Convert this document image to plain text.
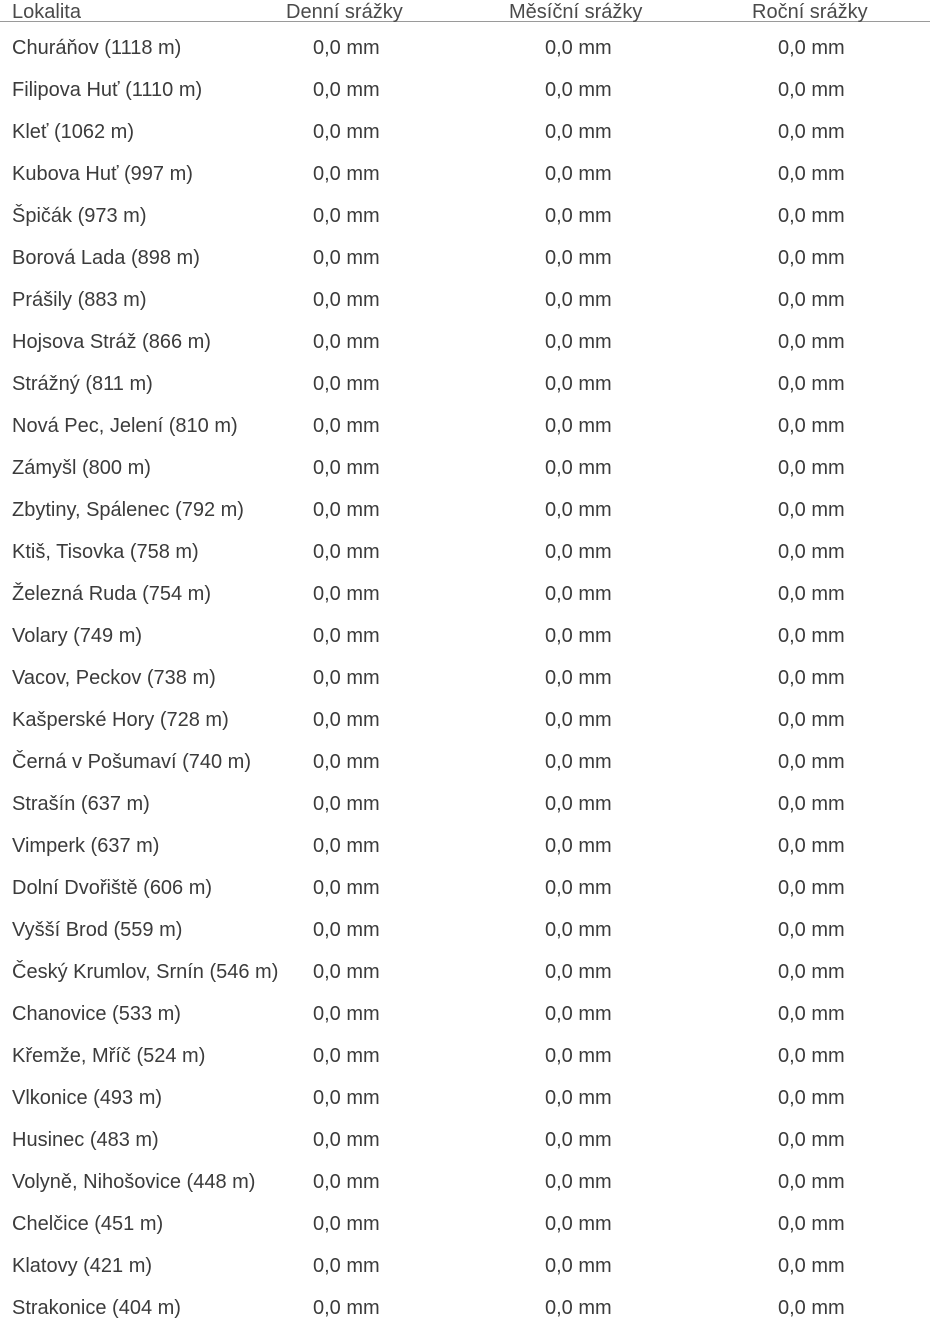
Lokalita	Denní srážky	Měsíční srážky	Roční srážky
Churáňov (1118 m)	0,0 mm	0,0 mm	0,0 mm
Filipova Huť (1110 m)	0,0 mm	0,0 mm	0,0 mm
Kleť (1062 m)	0,0 mm	0,0 mm	0,0 mm
Kubova Huť (997 m)	0,0 mm	0,0 mm	0,0 mm
Špičák (973 m)	0,0 mm	0,0 mm	0,0 mm
Borová Lada (898 m)	0,0 mm	0,0 mm	0,0 mm
Prášily (883 m)	0,0 mm	0,0 mm	0,0 mm
Hojsova Stráž (866 m)	0,0 mm	0,0 mm	0,0 mm
Strážný (811 m)	0,0 mm	0,0 mm	0,0 mm
Nová Pec, Jelení (810 m)	0,0 mm	0,0 mm	0,0 mm
Zámyšl (800 m)	0,0 mm	0,0 mm	0,0 mm
Zbytiny, Spálenec (792 m)	0,0 mm	0,0 mm	0,0 mm
Ktiš, Tisovka (758 m)	0,0 mm	0,0 mm	0,0 mm
Železná Ruda (754 m)	0,0 mm	0,0 mm	0,0 mm
Volary (749 m)	0,0 mm	0,0 mm	0,0 mm
Vacov, Peckov (738 m)	0,0 mm	0,0 mm	0,0 mm
Kašperské Hory (728 m)	0,0 mm	0,0 mm	0,0 mm
Černá v Pošumaví (740 m)	0,0 mm	0,0 mm	0,0 mm
Strašín (637 m)	0,0 mm	0,0 mm	0,0 mm
Vimperk (637 m)	0,0 mm	0,0 mm	0,0 mm
Dolní Dvořiště (606 m)	0,0 mm	0,0 mm	0,0 mm
Vyšší Brod (559 m)	0,0 mm	0,0 mm	0,0 mm
Český Krumlov, Srnín (546 m) 0,0 mm	0,0 mm	0,0 mm
Chanovice (533 m)	0,0 mm	0,0 mm	0,0 mm
Křemže, Mříč (524 m)	0,0 mm	0,0 mm	0,0 mm
Vlkonice (493 m)	0,0 mm	0,0 mm	0,0 mm
Husinec (483 m)	0,0 mm	0,0 mm	0,0 mm
Volyně, Nihošovice (448 m)	0,0 mm	0,0 mm	0,0 mm
Chelčice (451 m)	0,0 mm	0,0 mm	0,0 mm
Klatovy (421 m)	0,0 mm	0,0 mm	0,0 mm
Strakonice (404 m)	0,0 mm	0,0 mm	0,0 mm
